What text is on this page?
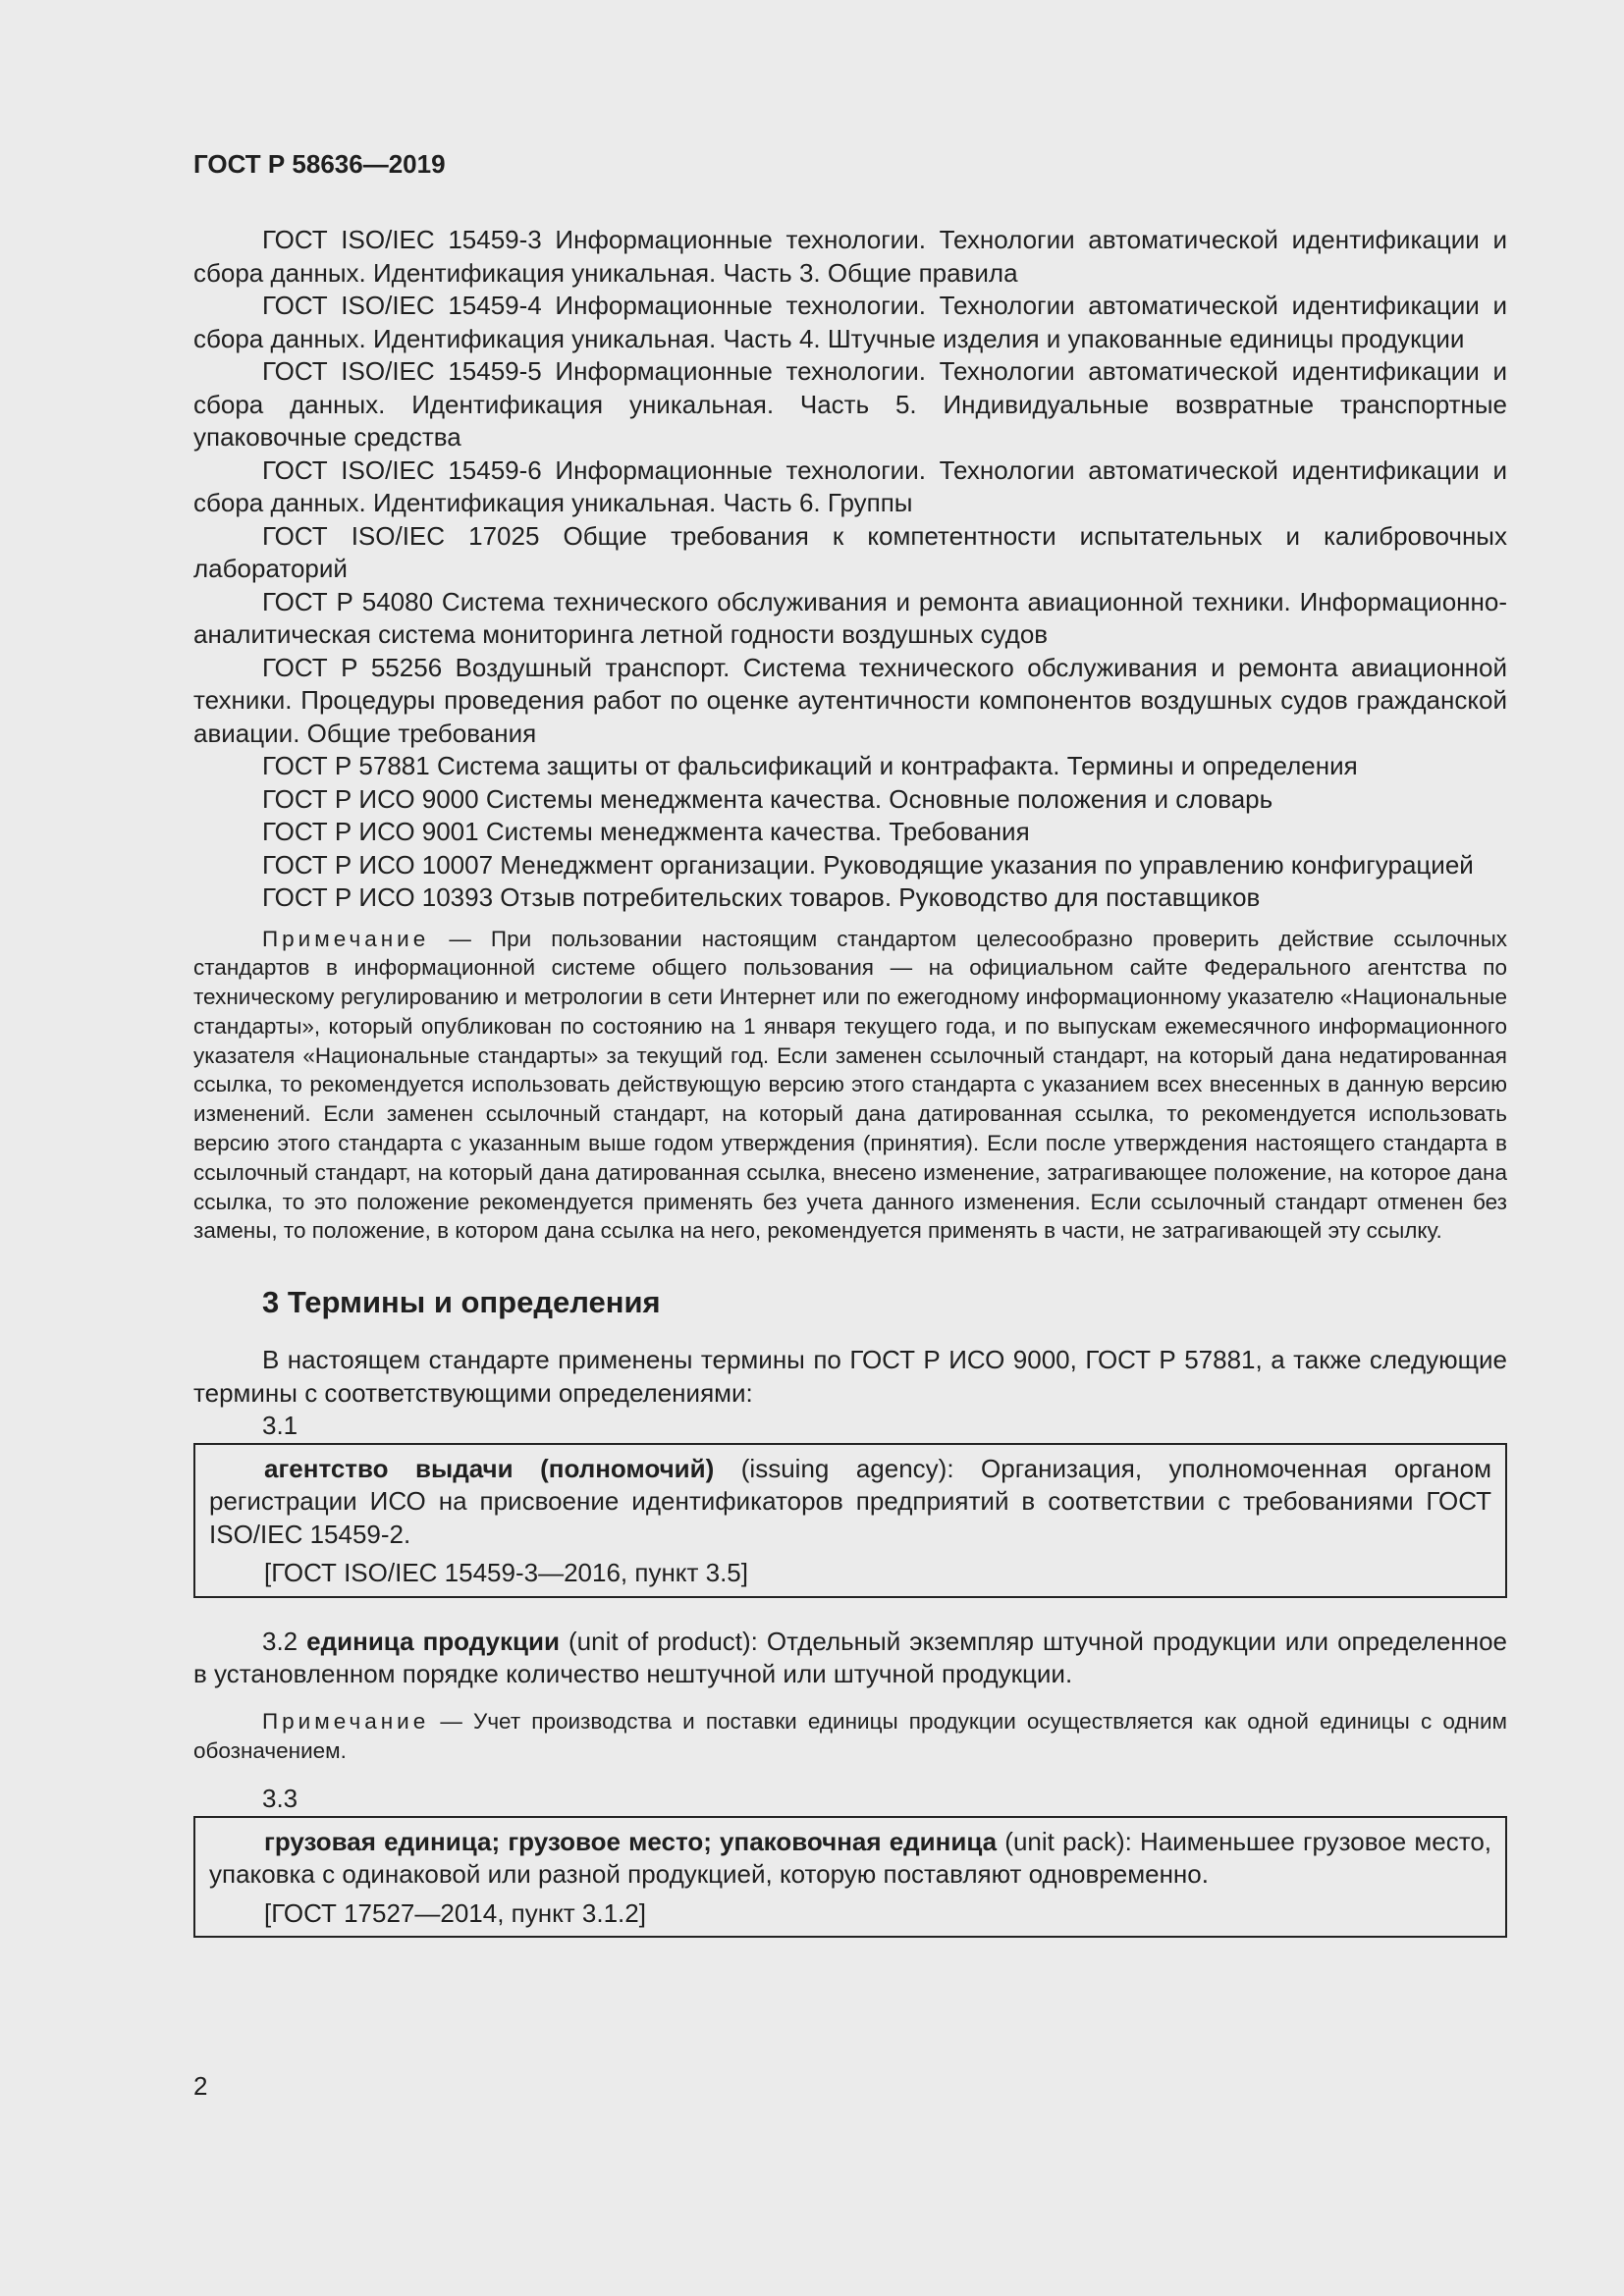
ГОСТ Р 58636—2019

ГОСТ ISO/IEC 15459-3 Информационные технологии. Технологии автоматической идентификации и сбора данных. Идентификация уникальная. Часть 3. Общие правила

ГОСТ ISO/IEC 15459-4 Информационные технологии. Технологии автоматической идентификации и сбора данных. Идентификация уникальная. Часть 4. Штучные изделия и упакованные единицы продукции

ГОСТ ISO/IEC 15459-5 Информационные технологии. Технологии автоматической идентификации и сбора данных. Идентификация уникальная. Часть 5. Индивидуальные возвратные транспортные упаковочные средства

ГОСТ ISO/IEC 15459-6 Информационные технологии. Технологии автоматической идентификации и сбора данных. Идентификация уникальная. Часть 6. Группы

ГОСТ ISO/IEC 17025 Общие требования к компетентности испытательных и калибровочных лабораторий

ГОСТ Р 54080 Система технического обслуживания и ремонта авиационной техники. Информационно-аналитическая система мониторинга летной годности воздушных судов

ГОСТ Р 55256 Воздушный транспорт. Система технического обслуживания и ремонта авиационной техники. Процедуры проведения работ по оценке аутентичности компонентов воздушных судов гражданской авиации. Общие требования

ГОСТ Р 57881 Система защиты от фальсификаций и контрафакта. Термины и определения

ГОСТ Р ИСО 9000 Системы менеджмента качества. Основные положения и словарь

ГОСТ Р ИСО 9001 Системы менеджмента качества. Требования

ГОСТ Р ИСО 10007 Менеджмент организации. Руководящие указания по управлению конфигурацией

ГОСТ Р ИСО 10393 Отзыв потребительских товаров. Руководство для поставщиков

Примечание — При пользовании настоящим стандартом целесообразно проверить действие ссылочных стандартов в информационной системе общего пользования — на официальном сайте Федерального агентства по техническому регулированию и метрологии в сети Интернет или по ежегодному информационному указателю «Национальные стандарты», который опубликован по состоянию на 1 января текущего года, и по выпускам ежемесячного информационного указателя «Национальные стандарты» за текущий год. Если заменен ссылочный стандарт, на который дана недатированная ссылка, то рекомендуется использовать действующую версию этого стандарта с указанием всех внесенных в данную версию изменений. Если заменен ссылочный стандарт, на который дана датированная ссылка, то рекомендуется использовать версию этого стандарта с указанным выше годом утверждения (принятия). Если после утверждения настоящего стандарта в ссылочный стандарт, на который дана датированная ссылка, внесено изменение, затрагивающее положение, на которое дана ссылка, то это положение рекомендуется применять без учета данного изменения. Если ссылочный стандарт отменен без замены, то положение, в котором дана ссылка на него, рекомендуется применять в части, не затрагивающей эту ссылку.

3 Термины и определения

В настоящем стандарте применены термины по ГОСТ Р ИСО 9000, ГОСТ Р 57881, а также следующие термины с соответствующими определениями:

3.1

агентство выдачи (полномочий) (issuing agency): Организация, уполномоченная органом регистрации ИСО на присвоение идентификаторов предприятий в соответствии с требованиями ГОСТ ISO/IEC 15459-2.

[ГОСТ ISO/IEC 15459-3—2016, пункт 3.5]

3.2 единица продукции (unit of product): Отдельный экземпляр штучной продукции или определенное в установленном порядке количество нештучной или штучной продукции.

Примечание — Учет производства и поставки единицы продукции осуществляется как одной единицы с одним обозначением.

3.3

грузовая единица; грузовое место; упаковочная единица (unit pack): Наименьшее грузовое место, упаковка с одинаковой или разной продукцией, которую поставляют одновременно.

[ГОСТ 17527—2014, пункт 3.1.2]
2
